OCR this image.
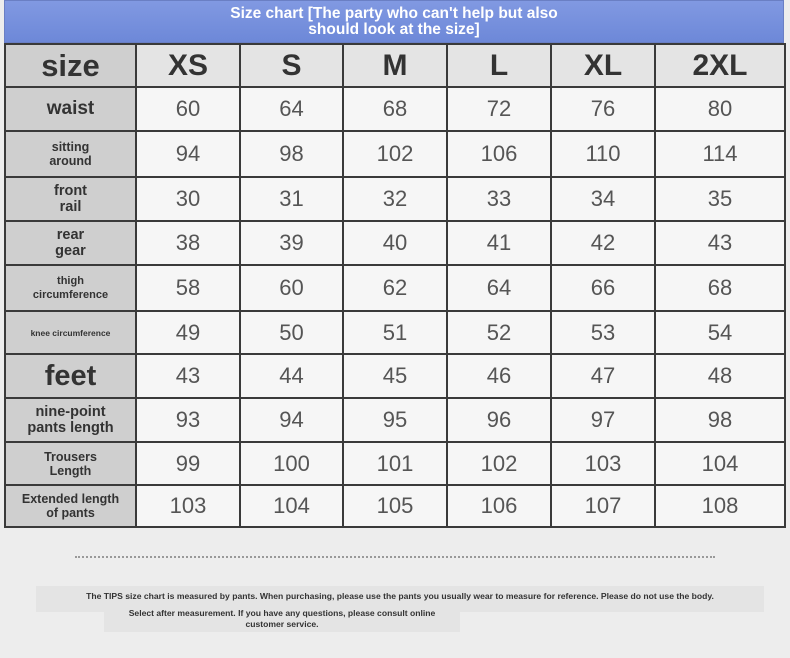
Size chart [The party who can't help but also
should look at the size]
size	XS	S	M	L	XL	2XL
waist	60	64	68	72	76	80

sitting
around	94	98	102	106	110	114

front
rail	30	31	32	33	34	35

rear
gear	38	39	40	41	42	43

thigh
circumference	58	60	62	64	66	68
knee circumference	49	50	51	52	53	54
feet	43	44	45	46	47	48

nine-point
pants length	93	94	95	96	97	98

Trousers
Length	99	100	101	102	103	104

Extended length
of pants	103	104	105	106	107	108
The TIPS size chart is measured by pants. When purchasing, please use the pants you usually wear to measure for reference. Please do not use the body.
Select after measurement. If you have any questions, please consult online
customer service.
